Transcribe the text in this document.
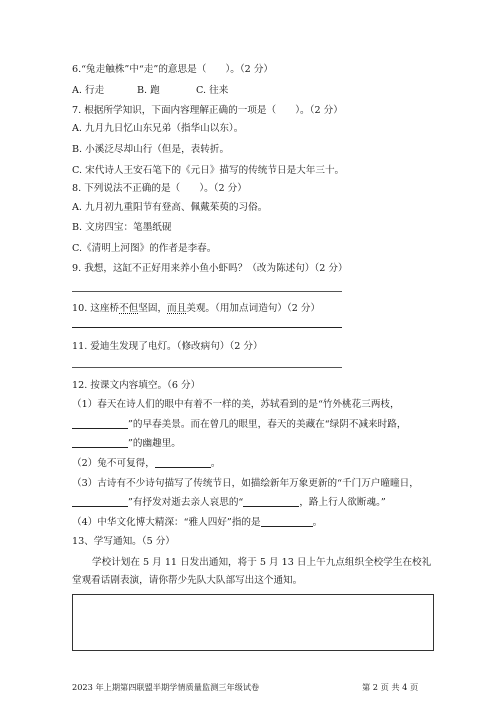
6.“兔走触株”中“走”的意思是（　　）。（2 分）
A. 行走	B. 跑	C. 往来
7. 根据所学知识，下面内容理解正确的一项是（　　）。（2 分）
A. 九月九日忆山东兄弟（指华山以东）。
B. 小溪泛尽却山行（但是，表转折。
C. 宋代诗人王安石笔下的《元日》描写的传统节日是大年三十。
8. 下列说法不正确的是（　　）。（2 分）
A. 九月初九重阳节有登高、佩戴茱萸的习俗。
B. 文房四宝：笔墨纸砚
C.《清明上河图》的作者是李春。
9. 我想，这缸不正好用来养小鱼小虾吗？（改为陈述句）（2 分）
10. 这座桥不但坚固，而且美观。（用加点词造句）（2 分）
11. 爱迪生发现了电灯。（修改病句）（2 分）
12. 按课文内容填空。（6 分）
（1）春天在诗人们的眼中有着不一样的美，苏轼看到的是“竹外桃花三两枝，
”的早春美景。而在曾几的眼里，春天的美藏在“绿阴不减来时路，
”的幽趣里。
（2）兔不可复得，	。
（3）古诗有不少诗句描写了传统节日，如描绘新年万象更新的“千门万户曈曈日，
”有抒发对逝去亲人哀思的“	，路上行人欲断魂。”
（4）中华文化博大精深：“雅人四好”指的是	。
13、学写通知。（5 分）
学校计划在 5 月 11 日发出通知，将于 5 月 13 日上午九点组织全校学生在校礼
堂观看话剧表演，请你帮少先队大队部写出这个通知。
2023 年上期第四联盟半期学情质量监测三年级试卷	第 2 页 共 4 页
